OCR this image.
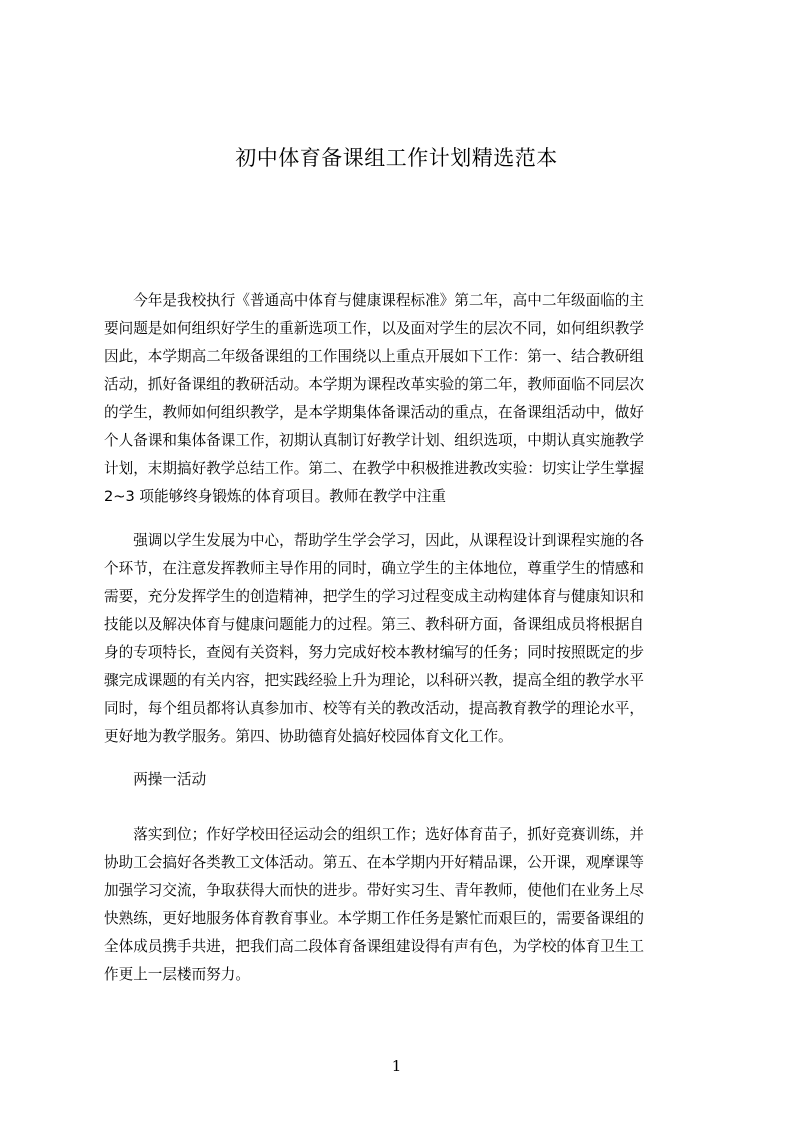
初中体育备课组工作计划精选范本
　　今年是我校执行《普通高中体育与健康课程标准》第二年，高中二年级面临的主
要问题是如何组织好学生的重新选项工作，以及面对学生的层次不同，如何组织教学
因此，本学期高二年级备课组的工作围绕以上重点开展如下工作：第一、结合教研组
活动，抓好备课组的教研活动。本学期为课程改革实验的第二年，教师面临不同层次
的学生，教师如何组织教学，是本学期集体备课活动的重点，在备课组活动中，做好
个人备课和集体备课工作，初期认真制订好教学计划、组织选项，中期认真实施教学
计划，末期搞好教学总结工作。第二、在教学中积极推进教改实验：切实让学生掌握
2~3 项能够终身锻炼的体育项目。教师在教学中注重
　　强调以学生发展为中心，帮助学生学会学习，因此，从课程设计到课程实施的各
个环节，在注意发挥教师主导作用的同时，确立学生的主体地位，尊重学生的情感和
需要，充分发挥学生的创造精神，把学生的学习过程变成主动构建体育与健康知识和
技能以及解决体育与健康问题能力的过程。第三、教科研方面，备课组成员将根据自
身的专项特长，查阅有关资料，努力完成好校本教材编写的任务；同时按照既定的步
骤完成课题的有关内容，把实践经验上升为理论，以科研兴教，提高全组的教学水平
同时，每个组员都将认真参加市、校等有关的教改活动，提高教育教学的理论水平，
更好地为教学服务。第四、协助德育处搞好校园体育文化工作。
　　两操一活动
　　落实到位；作好学校田径运动会的组织工作；选好体育苗子，抓好竞赛训练，并
协助工会搞好各类教工文体活动。第五、在本学期内开好精品课，公开课，观摩课等
加强学习交流，争取获得大而快的进步。带好实习生、青年教师，使他们在业务上尽
快熟练，更好地服务体育教育事业。本学期工作任务是繁忙而艰巨的，需要备课组的
全体成员携手共进，把我们高二段体育备课组建设得有声有色，为学校的体育卫生工
作更上一层楼而努力。
1
